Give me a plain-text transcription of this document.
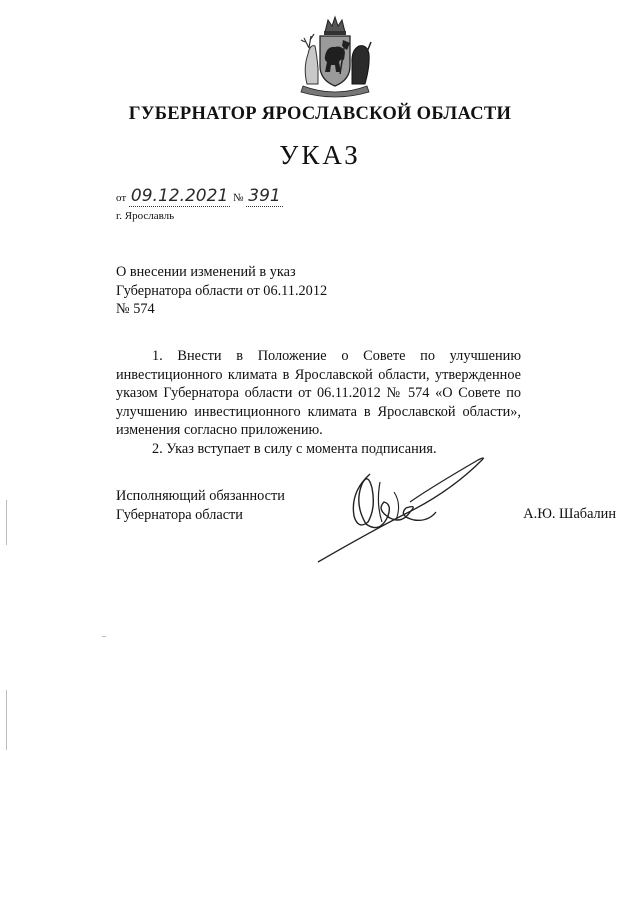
ГУБЕРНАТОР ЯРОСЛАВСКОЙ ОБЛАСТИ
УКАЗ
от 09.12.2021 № 391
г. Ярославль
О внесении изменений в указ
Губернатора области от 06.11.2012
№ 574

1. Внести в Положение о Совете по улучшению инвестиционного климата в Ярославской области, утвержденное указом Губернатора области от 06.11.2012 № 574 «О Совете по улучшению инвестиционного климата в Ярославской области», изменения согласно приложению.

2. Указ вступает в силу с момента подписания.

Исполняющий обязанности
Губернатора области	А.Ю. Шабалин
